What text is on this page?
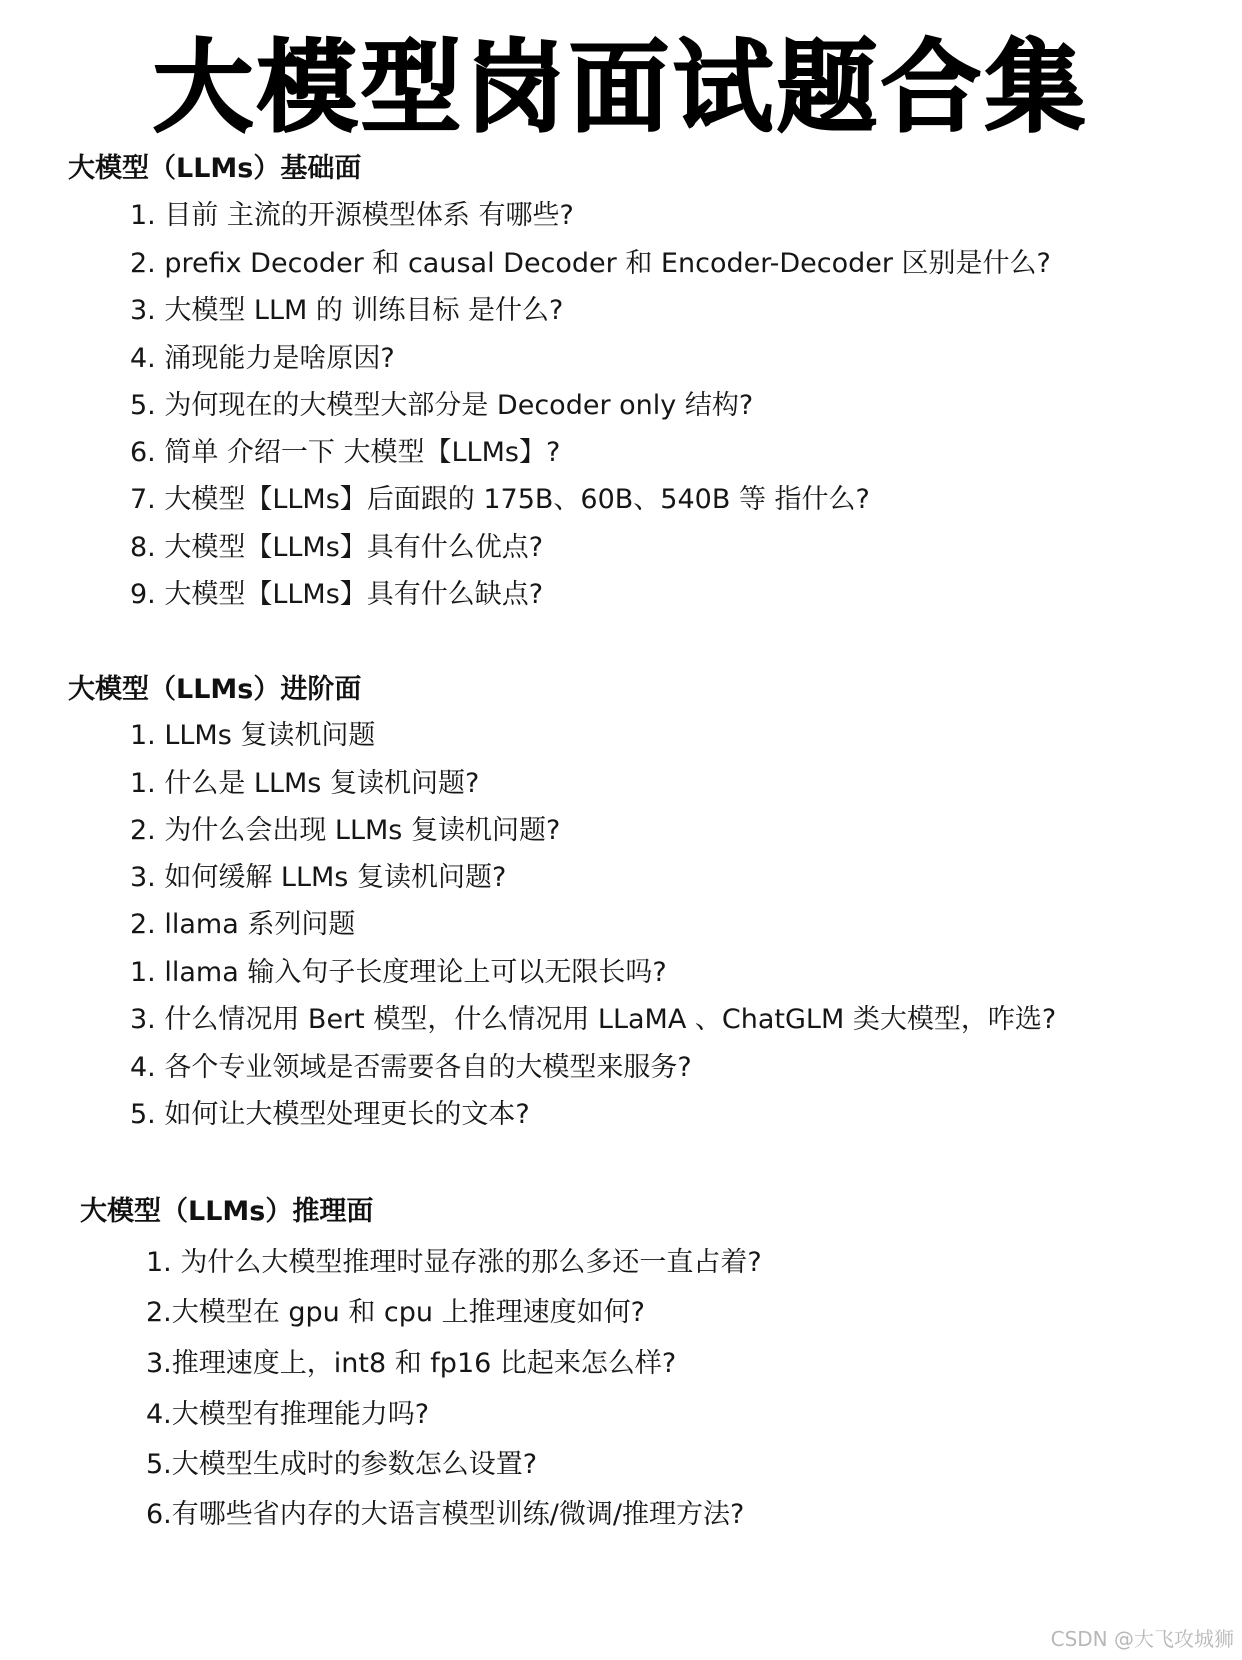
大模型岗面试题合集
大模型（LLMs）基础面
1. 目前 主流的开源模型体系 有哪些?
2. prefix Decoder 和 causal Decoder 和 Encoder-Decoder 区别是什么?
3. 大模型 LLM 的 训练目标 是什么?
4. 涌现能力是啥原因?
5. 为何现在的大模型大部分是 Decoder only 结构?
6. 简单 介绍一下 大模型【LLMs】?
7. 大模型【LLMs】后面跟的 175B、60B、540B 等 指什么?
8. 大模型【LLMs】具有什么优点?
9. 大模型【LLMs】具有什么缺点?
大模型（LLMs）进阶面
1. LLMs 复读机问题
1. 什么是 LLMs 复读机问题?
2. 为什么会出现 LLMs 复读机问题?
3. 如何缓解 LLMs 复读机问题?
2. llama 系列问题
1. llama 输入句子长度理论上可以无限长吗?
3. 什么情况用 Bert 模型，什么情况用 LLaMA 、ChatGLM 类大模型，咋选?
4. 各个专业领域是否需要各自的大模型来服务?
5. 如何让大模型处理更长的文本?
大模型（LLMs）推理面
1. 为什么大模型推理时显存涨的那么多还一直占着?
2.大模型在 gpu 和 cpu 上推理速度如何?
3.推理速度上，int8 和 fp16 比起来怎么样?
4.大模型有推理能力吗?
5.大模型生成时的参数怎么设置?
6.有哪些省内存的大语言模型训练/微调/推理方法?
CSDN @大飞攻城狮
